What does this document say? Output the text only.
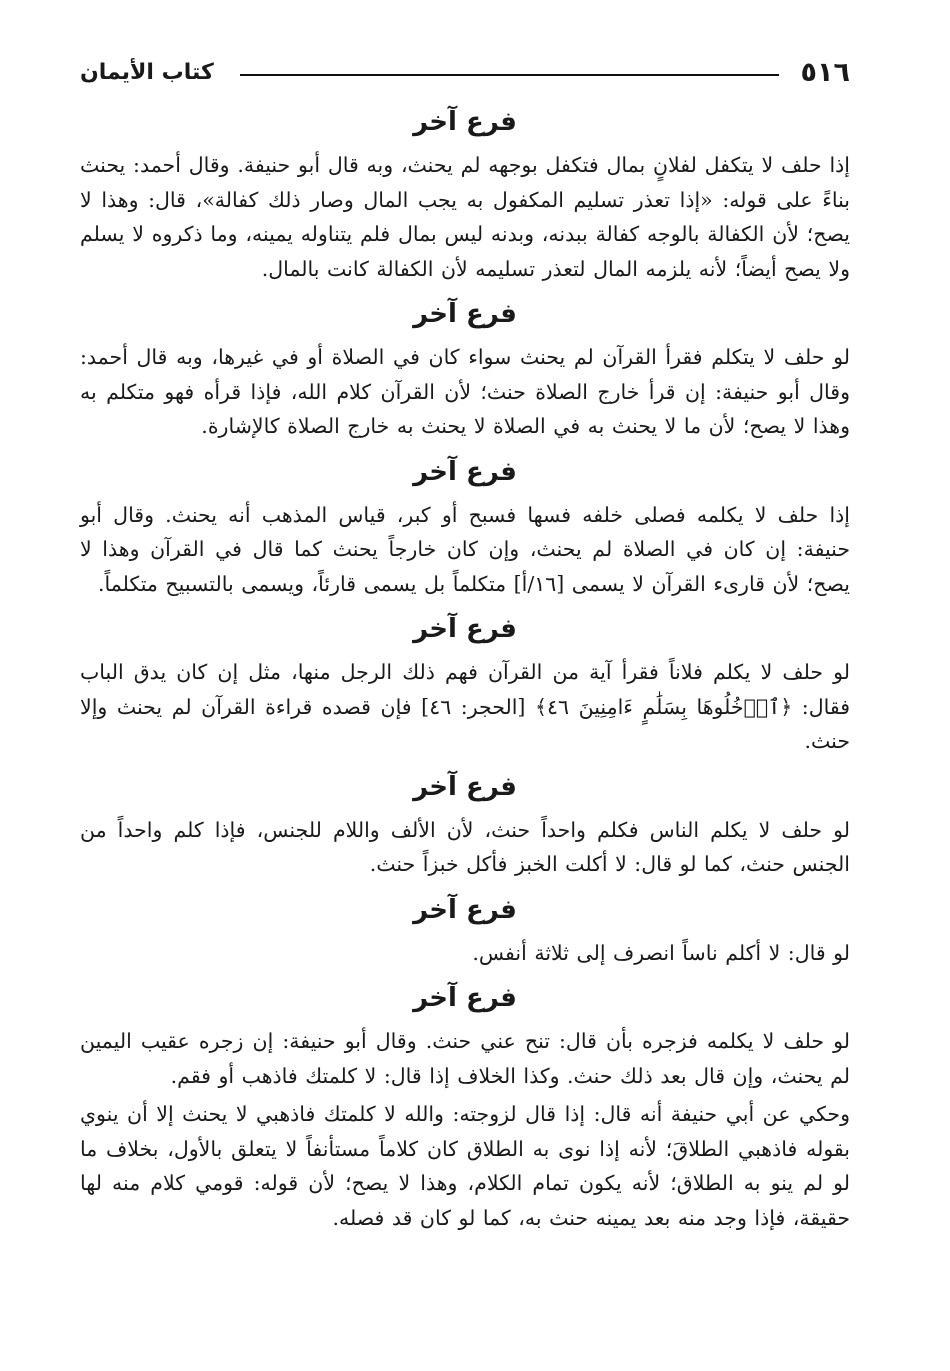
٥١٦
كتاب الأيمان
فرع آخر

إذا حلف لا يتكفل لفلانٍ بمال فتكفل بوجهه لم يحنث، وبه قال أبو حنيفة. وقال أحمد: يحنث بناءً على قوله: «إذا تعذر تسليم المكفول به يجب المال وصار ذلك كفالة»، قال: وهذا لا يصح؛ لأن الكفالة بالوجه كفالة ببدنه، وبدنه ليس بمال فلم يتناوله يمينه، وما ذكروه لا يسلم ولا يصح أيضاً؛ لأنه يلزمه المال لتعذر تسليمه لأن الكفالة كانت بالمال.

فرع آخر

لو حلف لا يتكلم فقرأ القرآن لم يحنث سواء كان في الصلاة أو في غيرها، وبه قال أحمد: وقال أبو حنيفة: إن قرأ خارج الصلاة حنث؛ لأن القرآن كلام الله، فإذا قرأه فهو متكلم به وهذا لا يصح؛ لأن ما لا يحنث به في الصلاة لا يحنث به خارج الصلاة كالإشارة.

فرع آخر

إذا حلف لا يكلمه فصلى خلفه فسها فسبح أو كبر، قياس المذهب أنه يحنث. وقال أبو حنيفة: إن كان في الصلاة لم يحنث، وإن كان خارجاً يحنث كما قال في القرآن وهذا لا يصح؛ لأن قارىء القرآن لا يسمى [١٦/أ] متكلماً بل يسمى قارئاً، ويسمى بالتسبيح متكلماً.

فرع آخر

لو حلف لا يكلم فلاناً فقرأ آية من القرآن فهم ذلك الرجل منها، مثل إن كان يدق الباب فقال: ﴿ٱدۡخُلُوهَا بِسَلَٰمٍ ءَامِنِينَ ٤٦﴾ [الحجر: ٤٦] فإن قصده قراءة القرآن لم يحنث وإلا حنث.

فرع آخر

لو حلف لا يكلم الناس فكلم واحداً حنث، لأن الألف واللام للجنس، فإذا كلم واحداً من الجنس حنث، كما لو قال: لا أكلت الخبز فأكل خبزاً حنث.

فرع آخر

لو قال: لا أكلم ناساً انصرف إلى ثلاثة أنفس.

فرع آخر

لو حلف لا يكلمه فزجره بأن قال: تنح عني حنث. وقال أبو حنيفة: إن زجره عقيب اليمين لم يحنث، وإن قال بعد ذلك حنث. وكذا الخلاف إذا قال: لا كلمتك فاذهب أو فقم.

وحكي عن أبي حنيفة أنه قال: إذا قال لزوجته: والله لا كلمتك فاذهبي لا يحنث إلا أن ينوي بقوله فاذهبي الطلاقَ؛ لأنه إذا نوى به الطلاق كان كلاماً مستأنفاً لا يتعلق بالأول، بخلاف ما لو لم ينو به الطلاق؛ لأنه يكون تمام الكلام، وهذا لا يصح؛ لأن قوله: قومي كلام منه لها حقيقة، فإذا وجد منه بعد يمينه حنث به، كما لو كان قد فصله.
